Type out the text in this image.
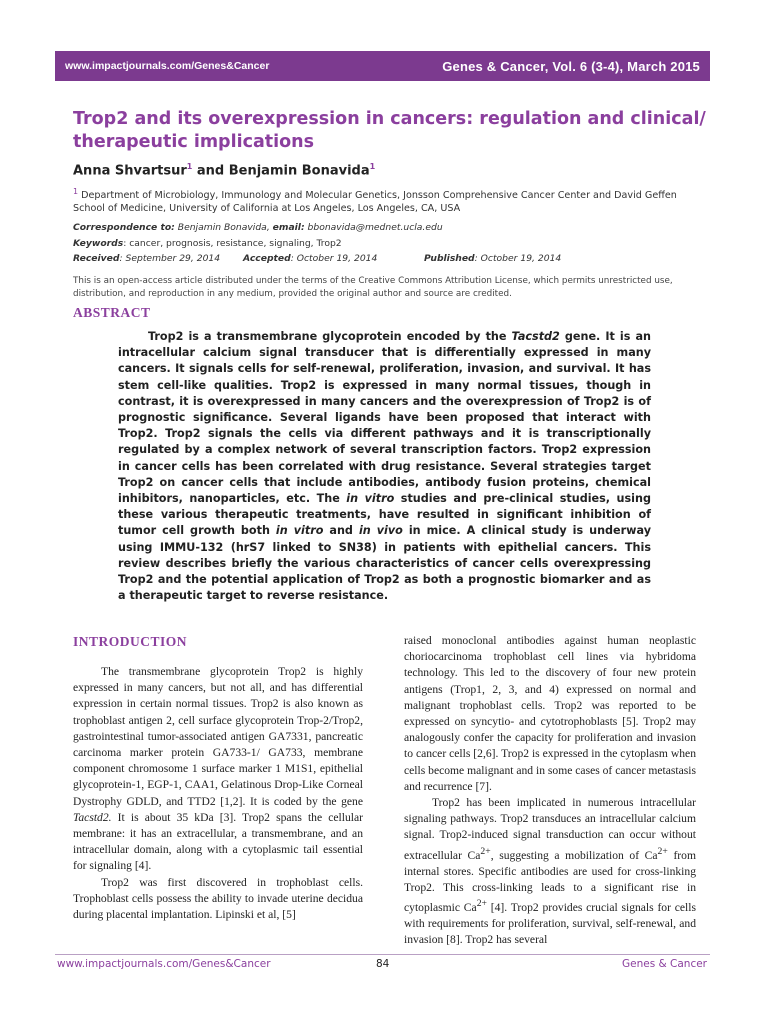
www.impactjournals.com/Genes&Cancer	Genes & Cancer, Vol. 6 (3-4), March 2015
Trop2 and its overexpression in cancers: regulation and clinical/ therapeutic implications
Anna Shvartsur$^1$ and Benjamin Bonavida$^1$
$^1$ Department of Microbiology, Immunology and Molecular Genetics, Jonsson Comprehensive Cancer Center and David Geffen School of Medicine, University of California at Los Angeles, Los Angeles, CA, USA
Correspondence to: Benjamin Bonavida, email: bbonavida@mednet.ucla.edu
Keywords: cancer, prognosis, resistance, signaling, Trop2
Received: September 29, 2014 Accepted: October 19, 2014	Published: October 19, 2014
This is an open-access article distributed under the terms of the Creative Commons Attribution License, which permits unrestricted use, distribution, and reproduction in any medium, provided the original author and source are credited.
ABSTRACT

Trop2 is a transmembrane glycoprotein encoded by the Tacstd2 gene. It is an intracellular calcium signal transducer that is differentially expressed in many cancers. It signals cells for self-renewal, proliferation, invasion, and survival. It has stem cell-like qualities. Trop2 is expressed in many normal tissues, though in contrast, it is overexpressed in many cancers and the overexpression of Trop2 is of prognostic significance. Several ligands have been proposed that interact with Trop2. Trop2 signals the cells via different pathways and it is transcriptionally regulated by a complex network of several transcription factors. Trop2 expression in cancer cells has been correlated with drug resistance. Several strategies target Trop2 on cancer cells that include antibodies, antibody fusion proteins, chemical inhibitors, nanoparticles, etc. The in vitro studies and pre-clinical studies, using these various therapeutic treatments, have resulted in significant inhibition of tumor cell growth both in vitro and in vivo in mice. A clinical study is underway using IMMU-132 (hrS7 linked to SN38) in patients with epithelial cancers. This review describes briefly the various characteristics of cancer cells overexpressing Trop2 and the potential application of Trop2 as both a prognostic biomarker and as a therapeutic target to reverse resistance.

INTRODUCTION

The transmembrane glycoprotein Trop2 is highly expressed in many cancers, but not all, and has differential expression in certain normal tissues. Trop2 is also known as trophoblast antigen 2, cell surface glycoprotein Trop-2/Trop2, gastrointestinal tumor-associated antigen GA7331, pancreatic carcinoma marker protein GA733-1/ GA733, membrane component chromosome 1 surface marker 1 M1S1, epithelial glycoprotein-1, EGP-1, CAA1, Gelatinous Drop-Like Corneal Dystrophy GDLD, and TTD2 [1,2]. It is coded by the gene Tacstd2. It is about 35 kDa [3]. Trop2 spans the cellular membrane: it has an extracellular, a transmembrane, and an intracellular domain, along with a cytoplasmic tail essential for signaling [4].

Trop2 was first discovered in trophoblast cells. Trophoblast cells possess the ability to invade uterine decidua during placental implantation. Lipinski et al, [5]

raised monoclonal antibodies against human neoplastic choriocarcinoma trophoblast cell lines via hybridoma technology. This led to the discovery of four new protein antigens (Trop1, 2, 3, and 4) expressed on normal and malignant trophoblast cells. Trop2 was reported to be expressed on syncytio- and cytotrophoblasts [5]. Trop2 may analogously confer the capacity for proliferation and invasion to cancer cells [2,6]. Trop2 is expressed in the cytoplasm when cells become malignant and in some cases of cancer metastasis and recurrence [7].

Trop2 has been implicated in numerous intracellular signaling pathways. Trop2 transduces an intracellular calcium signal. Trop2-induced signal transduction can occur without extracellular $Ca^{2+}$, suggesting a mobilization of $Ca^{2+}$ from internal stores. Specific antibodies are used for cross-linking Trop2. This cross-linking leads to a significant rise in cytoplasmic $Ca^{2+}$ [4]. Trop2 provides crucial signals for cells with requirements for proliferation, survival, self-renewal, and invasion [8]. Trop2 has several

www.impactjournals.com/Genes&Cancer	84	Genes & Cancer
